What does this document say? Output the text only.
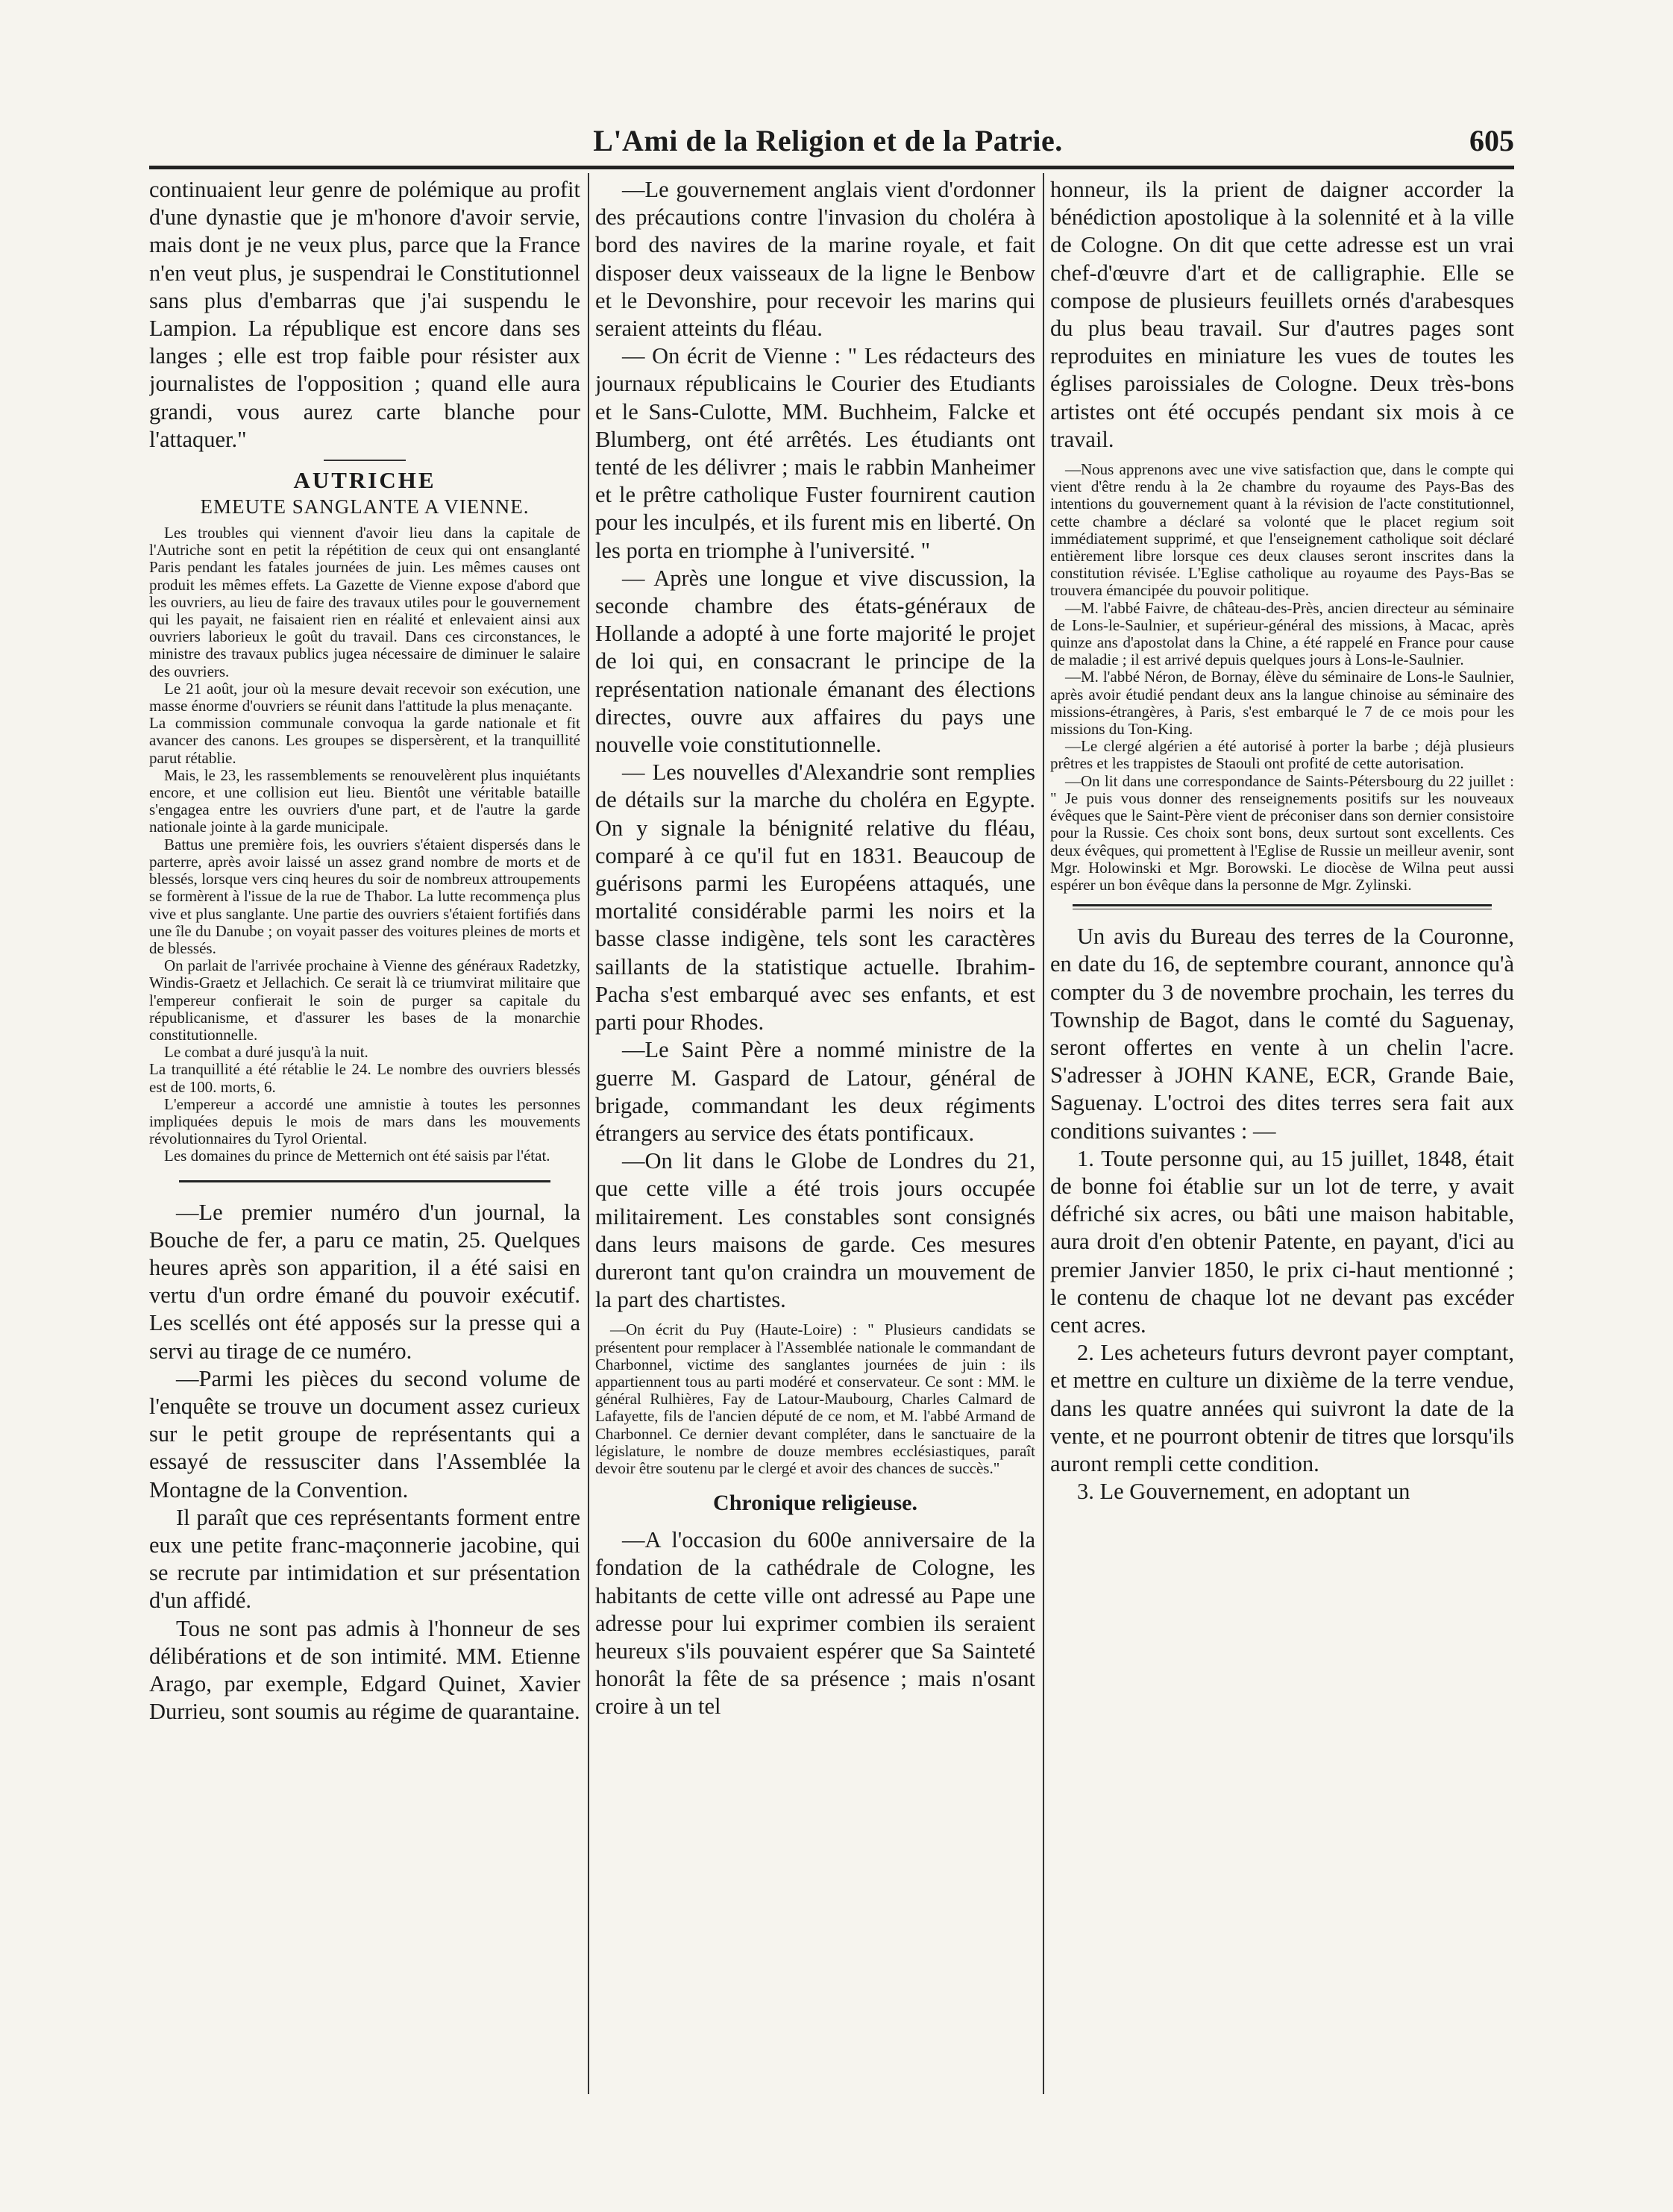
L'Ami de la Religion et de la Patrie.	605

continuaient leur genre de polémique au profit d'une dynastie que je m'honore d'avoir servie, mais dont je ne veux plus, parce que la France n'en veut plus, je suspendrai le Constitutionnel sans plus d'embarras que j'ai suspendu le Lampion. La république est encore dans ses langes ; elle est trop faible pour résister aux journalistes de l'opposition ; quand elle aura grandi, vous aurez carte blanche pour l'attaquer."

AUTRICHE
EMEUTE SANGLANTE A VIENNE.

Les troubles qui viennent d'avoir lieu dans la capitale de l'Autriche sont en petit la répétition de ceux qui ont ensanglanté Paris pendant les fatales journées de juin. Les mêmes causes ont produit les mêmes effets. La Gazette de Vienne expose d'abord que les ouvriers, au lieu de faire des travaux utiles pour le gouvernement qui les payait, ne faisaient rien en réalité et enlevaient ainsi aux ouvriers laborieux le goût du travail. Dans ces circonstances, le ministre des travaux publics jugea nécessaire de diminuer le salaire des ouvriers.

Le 21 août, jour où la mesure devait recevoir son exécution, une masse énorme d'ouvriers se réunit dans l'attitude la plus menaçante.

La commission communale convoqua la garde nationale et fit avancer des canons. Les groupes se dispersèrent, et la tranquillité parut rétablie.

Mais, le 23, les rassemblements se renouvelèrent plus inquiétants encore, et une collision eut lieu. Bientôt une véritable bataille s'engagea entre les ouvriers d'une part, et de l'autre la garde nationale jointe à la garde municipale.

Battus une première fois, les ouvriers s'étaient dispersés dans le parterre, après avoir laissé un assez grand nombre de morts et de blessés, lorsque vers cinq heures du soir de nombreux attroupements se formèrent à l'issue de la rue de Thabor. La lutte recommença plus vive et plus sanglante. Une partie des ouvriers s'étaient fortifiés dans une île du Danube ; on voyait passer des voitures pleines de morts et de blessés.

On parlait de l'arrivée prochaine à Vienne des généraux Radetzky, Windis-Graetz et Jellachich. Ce serait là ce triumvirat militaire que l'empereur confierait le soin de purger sa capitale du républicanisme, et d'assurer les bases de la monarchie constitutionnelle.

Le combat a duré jusqu'à la nuit.

La tranquillité a été rétablie le 24. Le nombre des ouvriers blessés est de 100. morts, 6.

L'empereur a accordé une amnistie à toutes les personnes impliquées depuis le mois de mars dans les mouvements révolutionnaires du Tyrol Oriental.

Les domaines du prince de Metternich ont été saisis par l'état.

—Le premier numéro d'un journal, la Bouche de fer, a paru ce matin, 25. Quelques heures après son apparition, il a été saisi en vertu d'un ordre émané du pouvoir exécutif. Les scellés ont été apposés sur la presse qui a servi au tirage de ce numéro.

—Parmi les pièces du second volume de l'enquête se trouve un document assez curieux sur le petit groupe de représentants qui a essayé de ressusciter dans l'Assemblée la Montagne de la Convention.

Il paraît que ces représentants forment entre eux une petite franc-maçonnerie jacobine, qui se recrute par intimidation et sur présentation d'un affidé.

Tous ne sont pas admis à l'honneur de ses délibérations et de son intimité. MM. Etienne Arago, par exemple, Edgard Quinet, Xavier Durrieu, sont soumis au régime de quarantaine.

—Le gouvernement anglais vient d'ordonner des précautions contre l'invasion du choléra à bord des navires de la marine royale, et fait disposer deux vaisseaux de la ligne le Benbow et le Devonshire, pour recevoir les marins qui seraient atteints du fléau.

— On écrit de Vienne : " Les rédacteurs des journaux républicains le Courier des Etudiants et le Sans-Culotte, MM. Buchheim, Falcke et Blumberg, ont été arrêtés. Les étudiants ont tenté de les délivrer ; mais le rabbin Manheimer et le prêtre catholique Fuster fournirent caution pour les inculpés, et ils furent mis en liberté. On les porta en triomphe à l'université. "

— Après une longue et vive discussion, la seconde chambre des états-généraux de Hollande a adopté à une forte majorité le projet de loi qui, en consacrant le principe de la représentation nationale émanant des élections directes, ouvre aux affaires du pays une nouvelle voie constitutionnelle.

— Les nouvelles d'Alexandrie sont remplies de détails sur la marche du choléra en Egypte. On y signale la bénignité relative du fléau, comparé à ce qu'il fut en 1831. Beaucoup de guérisons parmi les Européens attaqués, une mortalité considérable parmi les noirs et la basse classe indigène, tels sont les caractères saillants de la statistique actuelle. Ibrahim-Pacha s'est embarqué avec ses enfants, et est parti pour Rhodes.

—Le Saint Père a nommé ministre de la guerre M. Gaspard de Latour, général de brigade, commandant les deux régiments étrangers au service des états pontificaux.

—On lit dans le Globe de Londres du 21, que cette ville a été trois jours occupée militairement. Les constables sont consignés dans leurs maisons de garde. Ces mesures dureront tant qu'on craindra un mouvement de la part des chartistes.

—On écrit du Puy (Haute-Loire) : " Plusieurs candidats se présentent pour remplacer à l'Assemblée nationale le commandant de Charbonnel, victime des sanglantes journées de juin : ils appartiennent tous au parti modéré et conservateur. Ce sont : MM. le général Rulhières, Fay de Latour-Maubourg, Charles Calmard de Lafayette, fils de l'ancien député de ce nom, et M. l'abbé Armand de Charbonnel. Ce dernier devant compléter, dans le sanctuaire de la législature, le nombre de douze membres ecclésiastiques, paraît devoir être soutenu par le clergé et avoir des chances de succès."

Chronique religieuse.

—A l'occasion du 600e anniversaire de la fondation de la cathédrale de Cologne, les habitants de cette ville ont adressé au Pape une adresse pour lui exprimer combien ils seraient heureux s'ils pouvaient espérer que Sa Sainteté honorât la fête de sa présence ; mais n'osant croire à un tel

honneur, ils la prient de daigner accorder la bénédiction apostolique à la solennité et à la ville de Cologne. On dit que cette adresse est un vrai chef-d'œuvre d'art et de calligraphie. Elle se compose de plusieurs feuillets ornés d'arabesques du plus beau travail. Sur d'autres pages sont reproduites en miniature les vues de toutes les églises paroissiales de Cologne. Deux très-bons artistes ont été occupés pendant six mois à ce travail.

—Nous apprenons avec une vive satisfaction que, dans le compte qui vient d'être rendu à la 2e chambre du royaume des Pays-Bas des intentions du gouvernement quant à la révision de l'acte constitutionnel, cette chambre a déclaré sa volonté que le placet regium soit immédiatement supprimé, et que l'enseignement catholique soit déclaré entièrement libre lorsque ces deux clauses seront inscrites dans la constitution révisée. L'Eglise catholique au royaume des Pays-Bas se trouvera émancipée du pouvoir politique.

—M. l'abbé Faivre, de château-des-Près, ancien directeur au séminaire de Lons-le-Saulnier, et supérieur-général des missions, à Macac, après quinze ans d'apostolat dans la Chine, a été rappelé en France pour cause de maladie ; il est arrivé depuis quelques jours à Lons-le-Saulnier.

—M. l'abbé Néron, de Bornay, élève du séminaire de Lons-le Saulnier, après avoir étudié pendant deux ans la langue chinoise au séminaire des missions-étrangères, à Paris, s'est embarqué le 7 de ce mois pour les missions du Ton-King.

—Le clergé algérien a été autorisé à porter la barbe ; déjà plusieurs prêtres et les trappistes de Staouli ont profité de cette autorisation.

—On lit dans une correspondance de Saints-Pétersbourg du 22 juillet : " Je puis vous donner des renseignements positifs sur les nouveaux évêques que le Saint-Père vient de préconiser dans son dernier consistoire pour la Russie. Ces choix sont bons, deux surtout sont excellents. Ces deux évêques, qui promettent à l'Eglise de Russie un meilleur avenir, sont Mgr. Holowinski et Mgr. Borowski. Le diocèse de Wilna peut aussi espérer un bon évêque dans la personne de Mgr. Zylinski.

Un avis du Bureau des terres de la Couronne, en date du 16, de septembre courant, annonce qu'à compter du 3 de novembre prochain, les terres du Township de Bagot, dans le comté du Saguenay, seront offertes en vente à un chelin l'acre. S'adresser à JOHN KANE, ECR, Grande Baie, Saguenay. L'octroi des dites terres sera fait aux conditions suivantes : —

1. Toute personne qui, au 15 juillet, 1848, était de bonne foi établie sur un lot de terre, y avait défriché six acres, ou bâti une maison habitable, aura droit d'en obtenir Patente, en payant, d'ici au premier Janvier 1850, le prix ci-haut mentionné ; le contenu de chaque lot ne devant pas excéder cent acres.

2. Les acheteurs futurs devront payer comptant, et mettre en culture un dixième de la terre vendue, dans les quatre années qui suivront la date de la vente, et ne pourront obtenir de titres que lorsqu'ils auront rempli cette condition.

3. Le Gouvernement, en adoptant un
